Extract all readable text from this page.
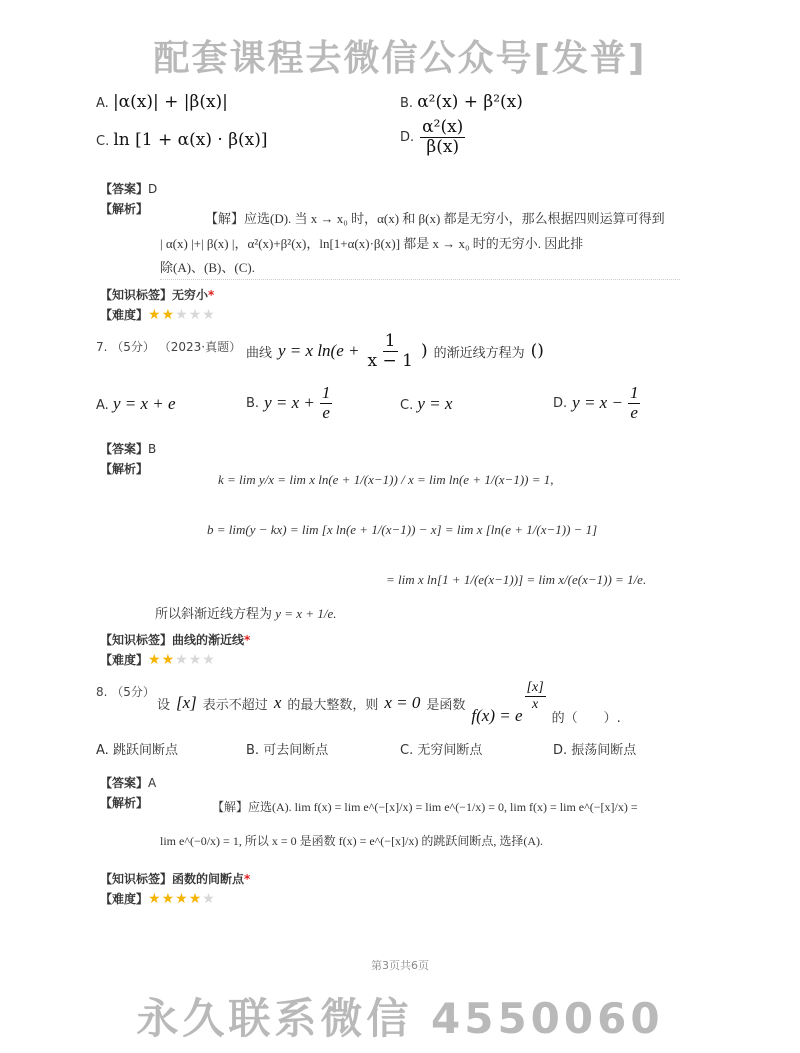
配套课程去微信公众号[发普]
A. |α(x)| + |β(x)|	B. α²(x) + β²(x)
C. ln [1 + α(x) · β(x)]	D. $\frac{\text{α²(x)}}{\beta(x)}$
【答案】D
【解析】
【解】应选(D). 当 x → x₀ 时，α(x) 和 β(x) 都是无穷小，那么根据四则运算可得到
| α(x) |+| β(x) |，α²(x)+β²(x)，ln[1+α(x)·β(x)] 都是 x → x₀ 时的无穷小. 因此排
除(A)、(B)、(C).
【知识标签】无穷小*
【难度】 ★★★★★
7. （5分） （2023·真题） 曲线 y = x $\ln(e + \frac{1}{x - 1}$ ) 的渐近线方程为 ()
A. y = x + e	B. $y = x + \frac{1}{e}$	C. y = x	D. $y = x - \frac{1}{e}$
【答案】B
【解析】
k = lim y/x = lim x ln(e + 1/(x−1)) / x = lim ln(e + 1/(x−1)) = 1,
b = lim(y − kx) = lim [x ln(e + 1/(x−1)) − x] = lim x [ln(e + 1/(x−1)) − 1]
= lim x ln[1 + 1/(e(x−1))] = lim x/(e(x−1)) = 1/e.
所以斜渐近线方程为 y = x + 1/e.
【知识标签】曲线的渐近线*
【难度】 ★★★★★
8. （5分）
设 [x] 表示不超过 x 的最大整数，则 x = 0 是函数
f(x) = e
$\frac{[x]}{x}$
的（　　）.
A. 跳跃间断点	B. 可去间断点	C. 无穷间断点	D. 振荡间断点
【答案】A
【解析】	【解】应选(A). lim f(x) = lim e^(−[x]/x) = lim e^(−1/x) = 0, lim f(x) = lim e^(−[x]/x) =
lim e^(−0/x) = 1, 所以 x = 0 是函数 f(x) = e^(−[x]/x) 的跳跃间断点, 选择(A).
【知识标签】函数的间断点*
【难度】 ★★★★★
第3页共6页
永久联系微信 4550060
